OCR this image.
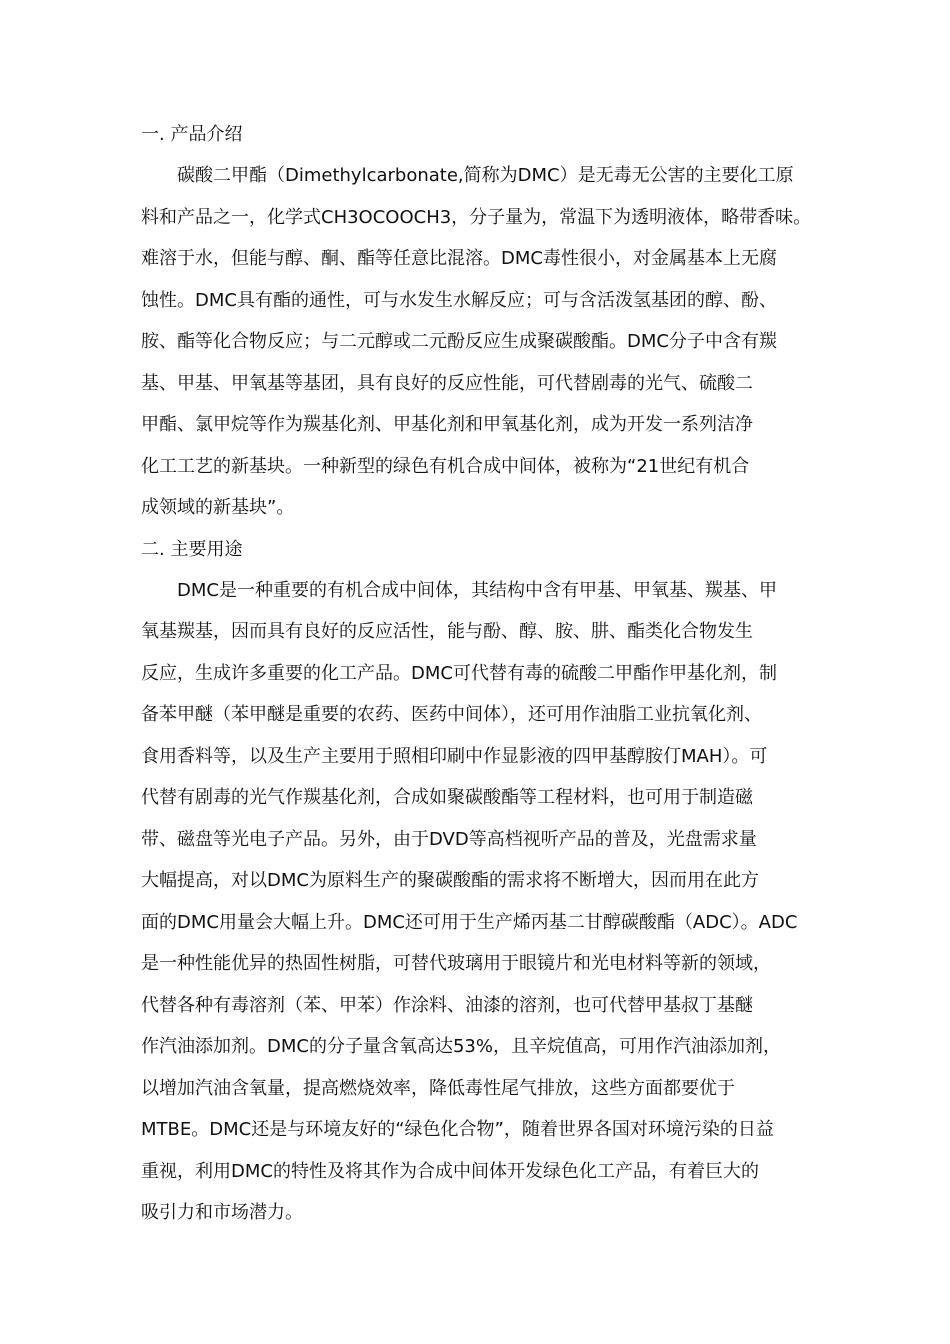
一. 产品介绍
碳酸二甲酯（Dimethylcarbonate,简称为DMC）是无毒无公害的主要化工原
料和产品之一，化学式CH3OCOOCH3，分子量为，常温下为透明液体，略带香味。
难溶于水，但能与醇、酮、酯等任意比混溶。DMC毒性很小，对金属基本上无腐
蚀性。DMC具有酯的通性，可与水发生水解反应；可与含活泼氢基团的醇、酚、
胺、酯等化合物反应；与二元醇或二元酚反应生成聚碳酸酯。DMC分子中含有羰
基、甲基、甲氧基等基团，具有良好的反应性能，可代替剧毒的光气、硫酸二
甲酯、氯甲烷等作为羰基化剂、甲基化剂和甲氧基化剂，成为开发一系列洁净
化工工艺的新基块。一种新型的绿色有机合成中间体，被称为“21世纪有机合
成领域的新基块”。
二. 主要用途
DMC是一种重要的有机合成中间体，其结构中含有甲基、甲氧基、羰基、甲
氧基羰基，因而具有良好的反应活性，能与酚、醇、胺、肼、酯类化合物发生
反应，生成许多重要的化工产品。DMC可代替有毒的硫酸二甲酯作甲基化剂，制
备苯甲醚（苯甲醚是重要的农药、医药中间体），还可用作油脂工业抗氧化剂、
食用香料等，以及生产主要用于照相印刷中作显影液的四甲基醇胺仃MAH）。可
代替有剧毒的光气作羰基化剂，合成如聚碳酸酯等工程材料，也可用于制造磁
带、磁盘等光电子产品。另外，由于DVD等高档视听产品的普及，光盘需求量
大幅提高，对以DMC为原料生产的聚碳酸酯的需求将不断增大，因而用在此方
面的DMC用量会大幅上升。DMC还可用于生产烯丙基二甘醇碳酸酯（ADC）。ADC
是一种性能优异的热固性树脂，可替代玻璃用于眼镜片和光电材料等新的领域，
代替各种有毒溶剂（苯、甲苯）作涂料、油漆的溶剂，也可代替甲基叔丁基醚
作汽油添加剂。DMC的分子量含氧高达53%，且辛烷值高，可用作汽油添加剂，
以增加汽油含氧量，提高燃烧效率，降低毒性尾气排放，这些方面都要优于
MTBE。DMC还是与环境友好的“绿色化合物”，随着世界各国对环境污染的日益
重视，利用DMC的特性及将其作为合成中间体开发绿色化工产品，有着巨大的
吸引力和市场潜力。
